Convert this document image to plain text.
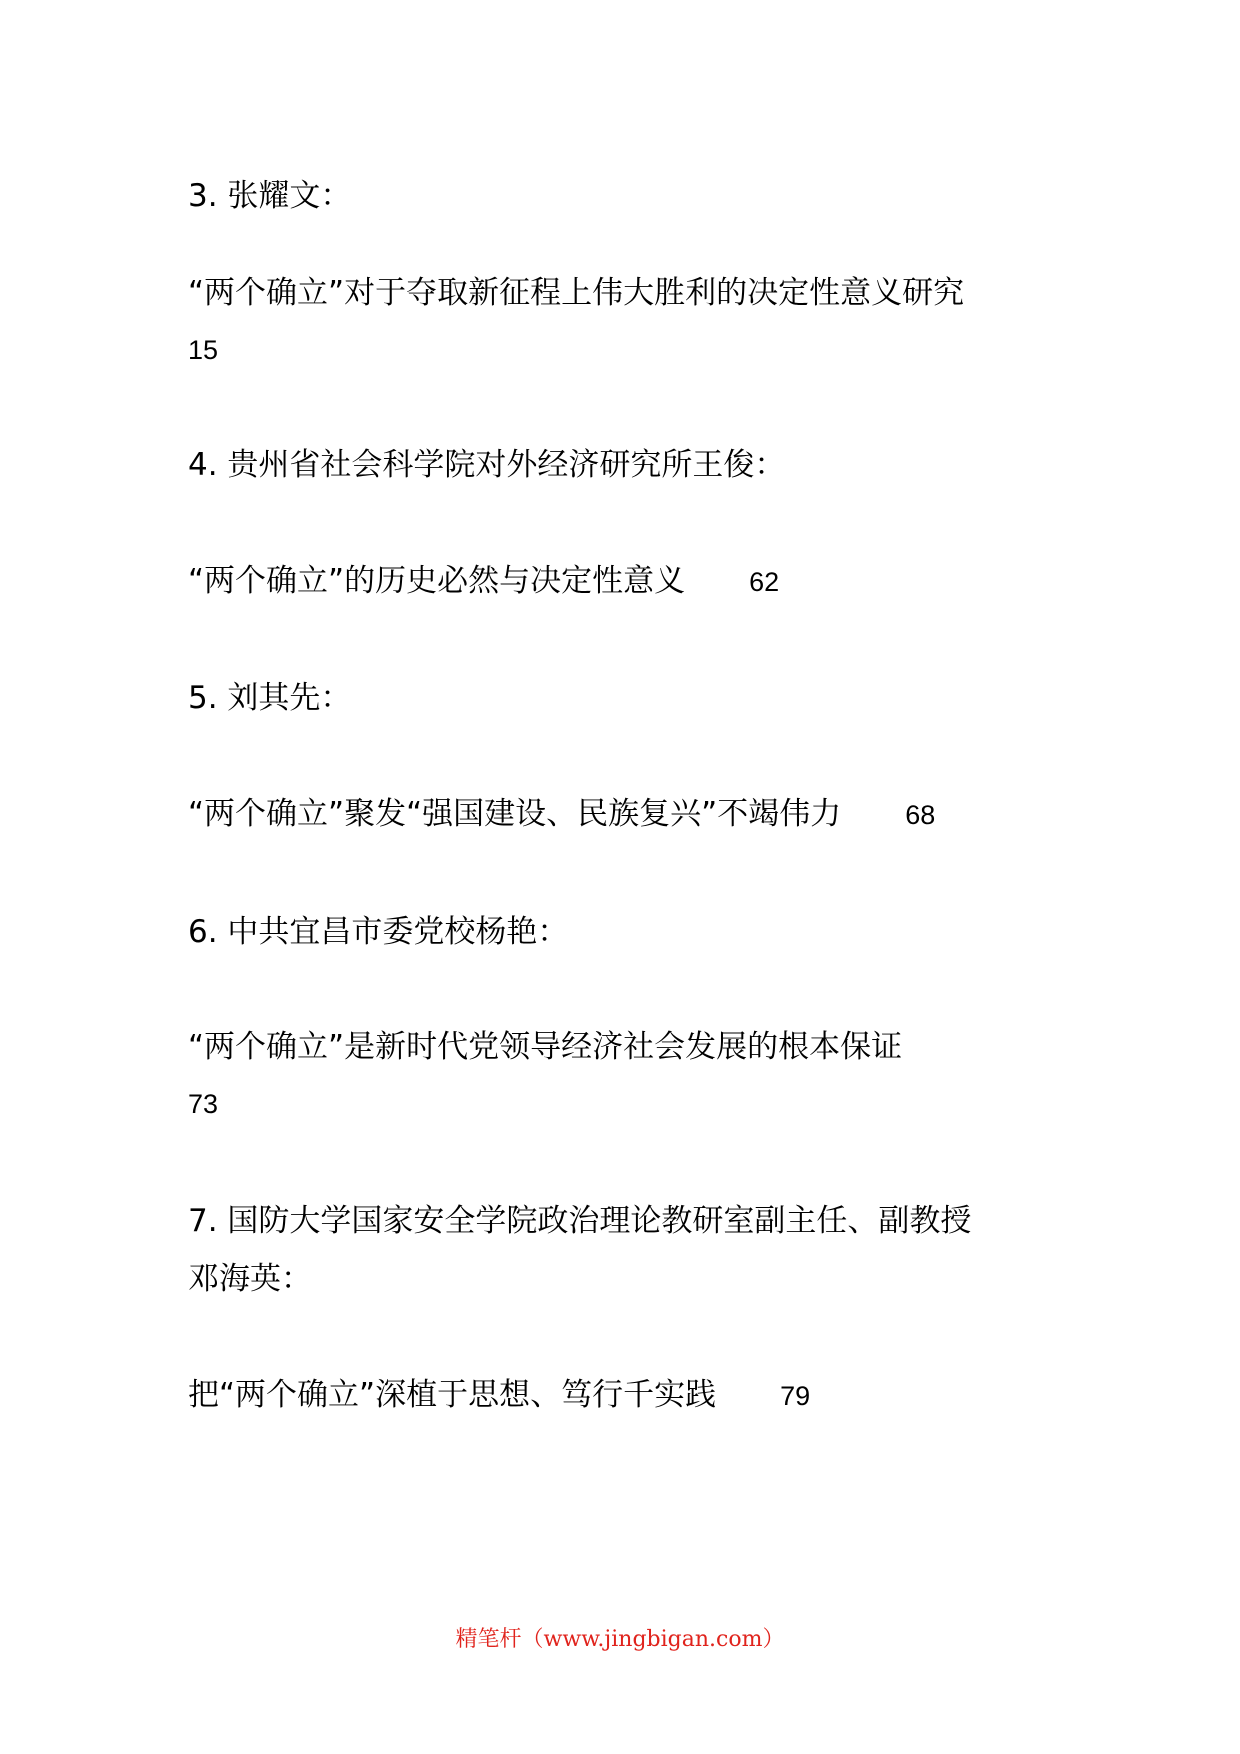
3. 张耀文：

“两个确立”对于夺取新征程上伟大胜利的决定性意义研究

15

4. 贵州省社会科学院对外经济研究所王俊：

“两个确立”的历史必然与决定性意义 62

5. 刘其先：

“两个确立”聚发“强国建设、民族复兴”不竭伟力 68

6. 中共宜昌市委党校杨艳：

“两个确立”是新时代党领导经济社会发展的根本保证

73

7. 国防大学国家安全学院政治理论教研室副主任、副教授

邓海英：

把“两个确立”深植于思想、笃行千实践 79

精笔杆（www.jingbigan.com）
